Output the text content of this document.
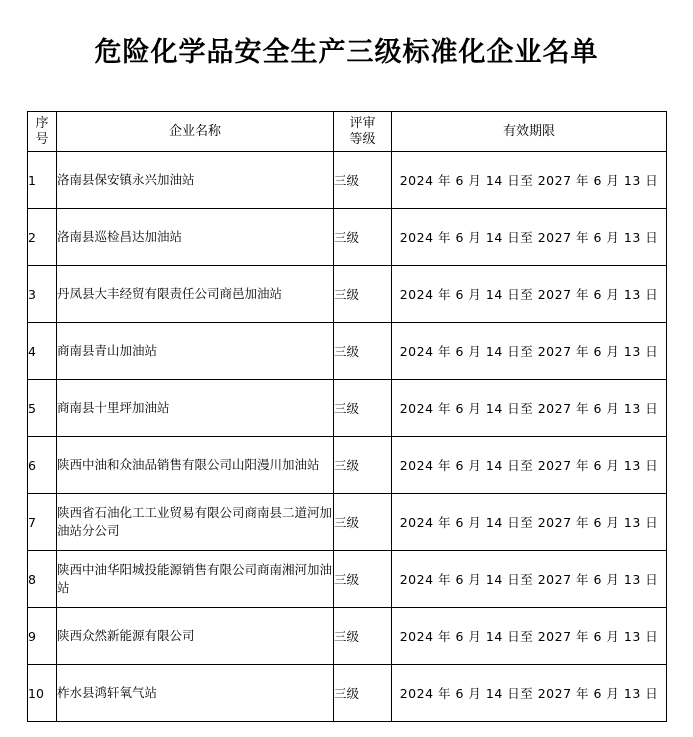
危险化学品安全生产三级标准化企业名单
序号	企业名称	评审等级	有效期限
1	洛南县保安镇永兴加油站	三级	2024 年 6 月 14 日至 2027 年 6 月 13 日
2	洛南县巡检昌达加油站	三级	2024 年 6 月 14 日至 2027 年 6 月 13 日
3	丹凤县大丰经贸有限责任公司商邑加油站	三级	2024 年 6 月 14 日至 2027 年 6 月 13 日
4	商南县青山加油站	三级	2024 年 6 月 14 日至 2027 年 6 月 13 日
5	商南县十里坪加油站	三级	2024 年 6 月 14 日至 2027 年 6 月 13 日
6	陕西中油和众油品销售有限公司山阳漫川加油站	三级	2024 年 6 月 14 日至 2027 年 6 月 13 日
7	陕西省石油化工工业贸易有限公司商南县二道河加油站分公司	三级	2024 年 6 月 14 日至 2027 年 6 月 13 日
8	陕西中油华阳城投能源销售有限公司商南湘河加油站	三级	2024 年 6 月 14 日至 2027 年 6 月 13 日
9	陕西众然新能源有限公司	三级	2024 年 6 月 14 日至 2027 年 6 月 13 日
10	柞水县鸿轩氧气站	三级	2024 年 6 月 14 日至 2027 年 6 月 13 日
